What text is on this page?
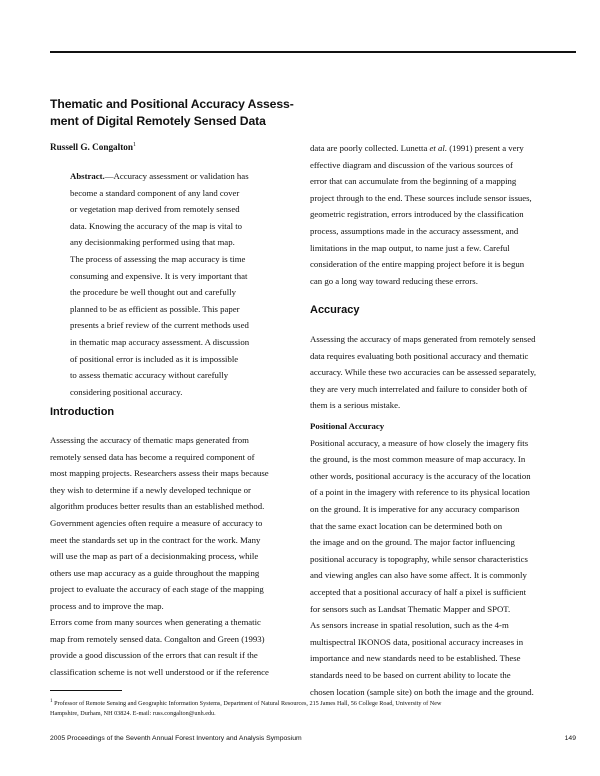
Thematic and Positional Accuracy Assess-
ment of Digital Remotely Sensed Data
Russell G. Congalton$^1$
Abstract.—Accuracy assessment or validation has
become a standard component of any land cover
or vegetation map derived from remotely sensed
data. Knowing the accuracy of the map is vital to
any decisionmaking performed using that map.
The process of assessing the map accuracy is time
consuming and expensive. It is very important that
the procedure be well thought out and carefully
planned to be as efficient as possible. This paper
presents a brief review of the current methods used
in thematic map accuracy assessment. A discussion
of positional error is included as it is impossible
to assess thematic accuracy without carefully
considering positional accuracy.
Introduction
Assessing the accuracy of thematic maps generated from
remotely sensed data has become a required component of
most mapping projects. Researchers assess their maps because
they wish to determine if a newly developed technique or
algorithm produces better results than an established method.
Government agencies often require a measure of accuracy to
meet the standards set up in the contract for the work. Many
will use the map as part of a decisionmaking process, while
others use map accuracy as a guide throughout the mapping
project to evaluate the accuracy of each stage of the mapping
process and to improve the map.
Errors come from many sources when generating a thematic
map from remotely sensed data. Congalton and Green (1993)
provide a good discussion of the errors that can result if the
classification scheme is not well understood or if the reference
data are poorly collected. Lunetta et al. (1991) present a very
effective diagram and discussion of the various sources of
error that can accumulate from the beginning of a mapping
project through to the end. These sources include sensor issues,
geometric registration, errors introduced by the classification
process, assumptions made in the accuracy assessment, and
limitations in the map output, to name just a few. Careful
consideration of the entire mapping project before it is begun
can go a long way toward reducing these errors.
Accuracy
Assessing the accuracy of maps generated from remotely sensed
data requires evaluating both positional accuracy and thematic
accuracy. While these two accuracies can be assessed separately,
they are very much interrelated and failure to consider both of
them is a serious mistake.
Positional Accuracy
Positional accuracy, a measure of how closely the imagery fits
the ground, is the most common measure of map accuracy. In
other words, positional accuracy is the accuracy of the location
of a point in the imagery with reference to its physical location
on the ground. It is imperative for any accuracy comparison
that the same exact location can be determined both on
the image and on the ground. The major factor influencing
positional accuracy is topography, while sensor characteristics
and viewing angles can also have some affect. It is commonly
accepted that a positional accuracy of half a pixel is sufficient
for sensors such as Landsat Thematic Mapper and SPOT.
As sensors increase in spatial resolution, such as the 4-m
multispectral IKONOS data, positional accuracy increases in
importance and new standards need to be established. These
standards need to be based on current ability to locate the
chosen location (sample site) on both the image and the ground.
$^1$ Professor of Remote Sensing and Geographic Information Systems, Department of Natural Resources, 215 James Hall, 56 College Road, University of New
Hampshire, Durham, NH 03824. E-mail: russ.congalton@unh.edu.
2005 Proceedings of the Seventh Annual Forest Inventory and Analysis Symposium	149
